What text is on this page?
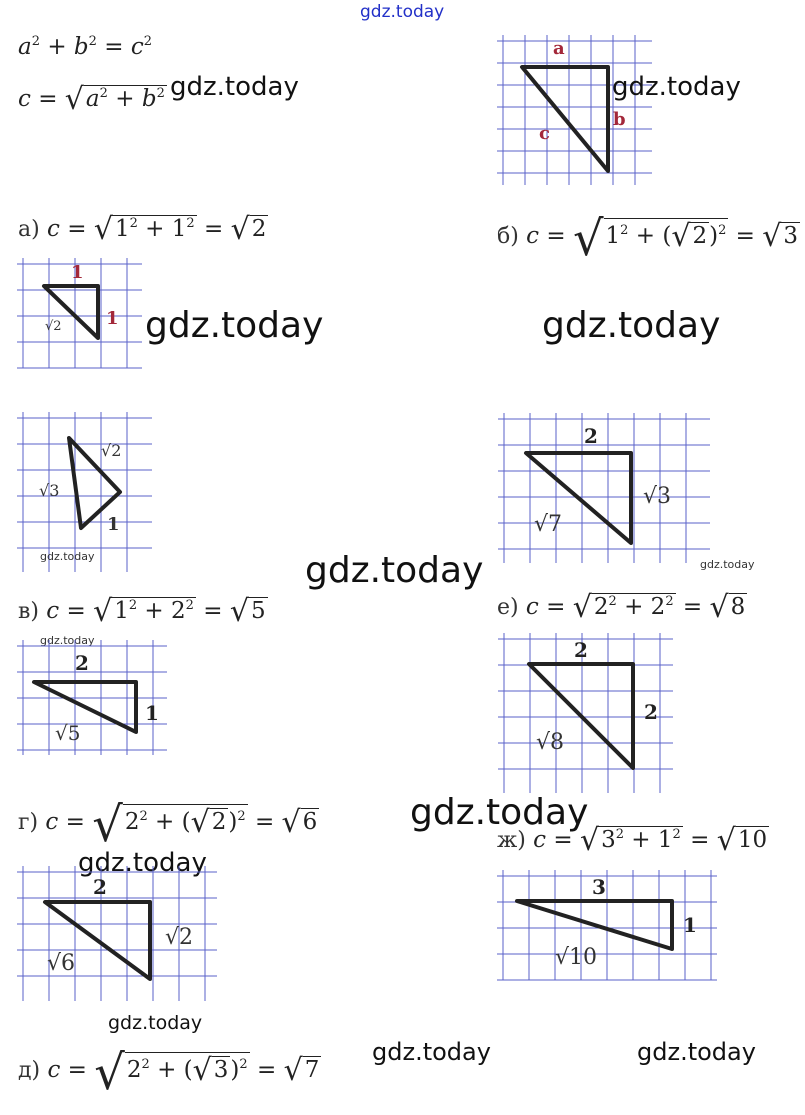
gdz.today
$a^2 + b^2 = c^2$
$c = √a^2 + b^2$ gdz.today
a
b
c
gdz.today
а) $c = √1^2 + 1^2 = √2$
1
1
√2 gdz.today
б) $c = √1^2 + (√2)^2 = √3$
gdz.today
√2
√3
1
gdz.today
2
√3
√7
gdz.today
gdz.today
в) $c = √1^2 + 2^2 = √5$
gdz.today
2
1
√5
е) $c = √2^2 + 2^2 = √8$
2
2
√8
г) $c = √2^2 + (√2)^2 = √6$	gdz.today
ж) $c = √3^2 + 1^2 = √10$
gdz.today
2
√2
√6
3
1
√10
gdz.today
д) $c = √2^2 + (√3)^2 = √7$
gdz.today	gdz.today
